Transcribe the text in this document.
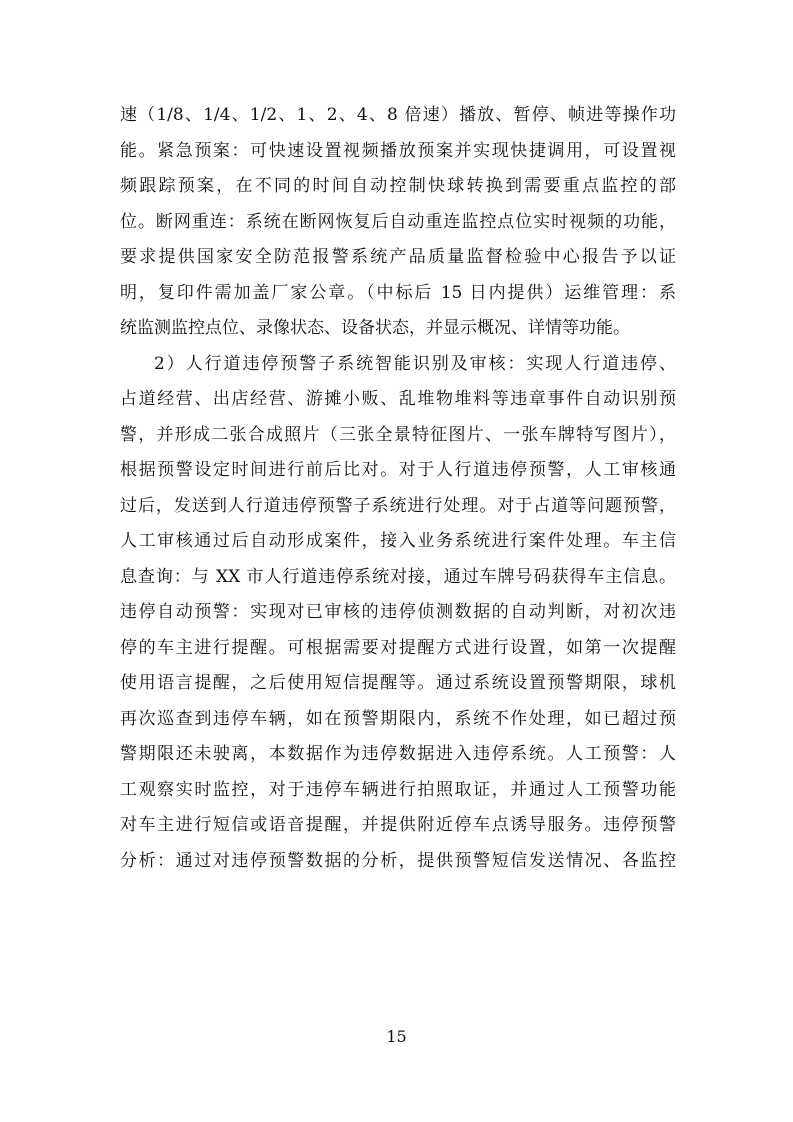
速（1/8、1/4、1/2、1、2、4、8 倍速）播放、暂停、帧进等操作功
能。紧急预案：可快速设置视频播放预案并实现快捷调用，可设置视
频跟踪预案，在不同的时间自动控制快球转换到需要重点监控的部
位。断网重连：系统在断网恢复后自动重连监控点位实时视频的功能，
要求提供国家安全防范报警系统产品质量监督检验中心报告予以证
明，复印件需加盖厂家公章。（中标后 15 日内提供）运维管理：系
统监测监控点位、录像状态、设备状态，并显示概况、详情等功能。
2）人行道违停预警子系统智能识别及审核：实现人行道违停、
占道经营、出店经营、游摊小贩、乱堆物堆料等违章事件自动识别预
警，并形成二张合成照片（三张全景特征图片、一张车牌特写图片），
根据预警设定时间进行前后比对。对于人行道违停预警，人工审核通
过后，发送到人行道违停预警子系统进行处理。对于占道等问题预警，
人工审核通过后自动形成案件，接入业务系统进行案件处理。车主信
息查询：与 XX 市人行道违停系统对接，通过车牌号码获得车主信息。
违停自动预警：实现对已审核的违停侦测数据的自动判断，对初次违
停的车主进行提醒。可根据需要对提醒方式进行设置，如第一次提醒
使用语言提醒，之后使用短信提醒等。通过系统设置预警期限，球机
再次巡查到违停车辆，如在预警期限内，系统不作处理，如已超过预
警期限还未驶离，本数据作为违停数据进入违停系统。人工预警：人
工观察实时监控，对于违停车辆进行拍照取证，并通过人工预警功能
对车主进行短信或语音提醒，并提供附近停车点诱导服务。违停预警
分析：通过对违停预警数据的分析，提供预警短信发送情况、各监控
15
